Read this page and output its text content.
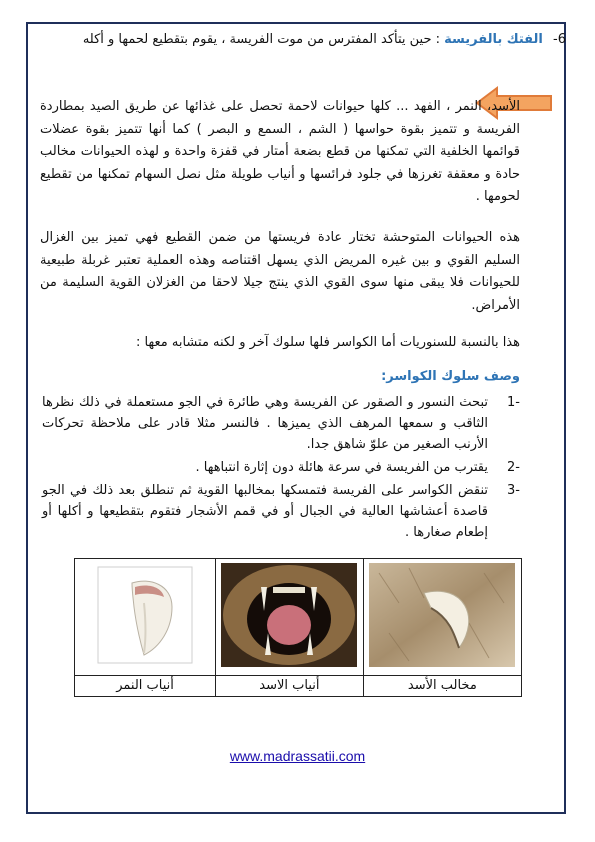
6- الفتك بالفريسة : حين يتأكد المفترس من موت الفريسة ، يقوم بتقطيع لحمها و أكله
الأسد، النمر ، الفهد ... كلها حيوانات لاحمة تحصل على غذائها عن طريق الصيد بمطاردة الفريسة و تتميز بقوة حواسها ( الشم ، السمع و البصر ) كما أنها تتميز بقوة عضلات قوائمها الخلفية التي تمكنها من قطع بضعة أمتار في قفزة واحدة و لهذه الحيوانات مخالب حادة و معقفة تغرزها في جلود فرائسها و أنياب طويلة مثل نصل السهام تمكنها من تقطيع لحومها .
هذه الحيوانات المتوحشة تختار عادة فريستها من ضمن القطيع فهي تميز بين الغزال السليم القوي و بين غيره المريض الذي يسهل اقتناصه وهذه العملية تعتبر غربلة طبيعية للحيوانات فلا يبقى منها سوى القوي الذي ينتج جيلا لاحقا من الغزلان القوية السليمة من الأمراض.
هذا بالنسبة للسنوريات أما الكواسر فلها سلوك آخر و لكنه متشابه معها :
وصف سلوك الكواسر:
-1
تبحث النسور و الصقور عن الفريسة وهي طائرة في الجو مستعملة في ذلك نظرها الثاقب و سمعها المرهف الذي يميزها . فالنسر مثلا قادر على ملاحظة تحركات الأرنب الصغير من علوّ شاهق جدا.
-2
يقترب من الفريسة في سرعة هائلة دون إثارة انتباهها .
-3
تنقض الكواسر على الفريسة فتمسكها بمخالبها القوية ثم تنطلق بعد ذلك في الجو قاصدة أعشاشها العالية في الجبال أو في قمم الأشجار فتقوم بتقطيعها و أكلها أو إطعام صغارها .

مخالب الأسد	أنياب الاسد	أنياب النمر
www.madrassatii.com
